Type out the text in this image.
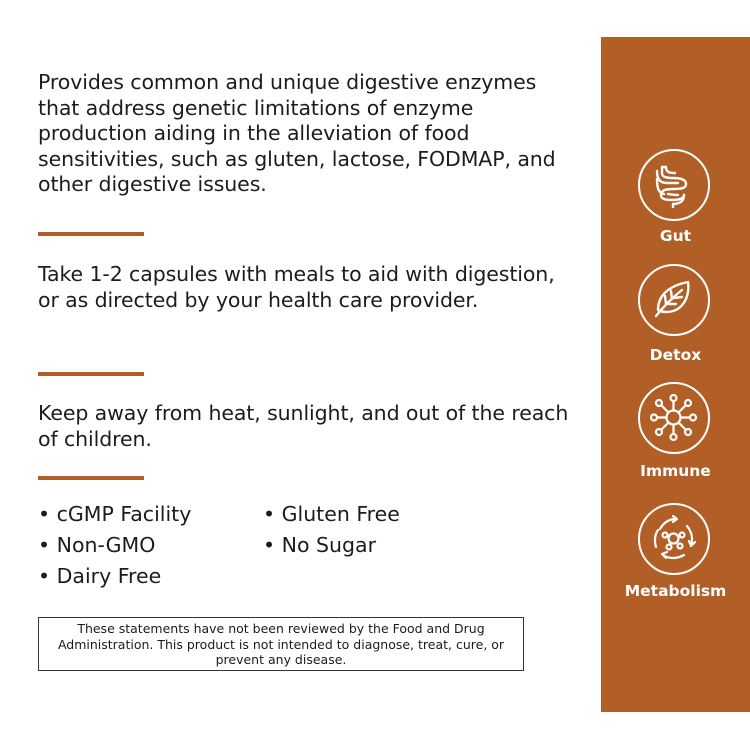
Provides common and unique digestive enzymes that address genetic limitations of enzyme production aiding in the alleviation of food sensitivities, such as gluten, lactose, FODMAP, and other digestive issues.

Take 1-2 capsules with meals to aid with digestion, or as directed by your health care provider.

Keep away from heat, sunlight, and out of the reach of children.

• cGMP Facility
• Non-GMO
• Dairy Free
• Gluten Free
• No Sugar
These statements have not been reviewed by the Food and Drug Administration. This product is not intended to diagnose, treat, cure, or prevent any disease.
Gut
Detox
Immune
Metabolism
